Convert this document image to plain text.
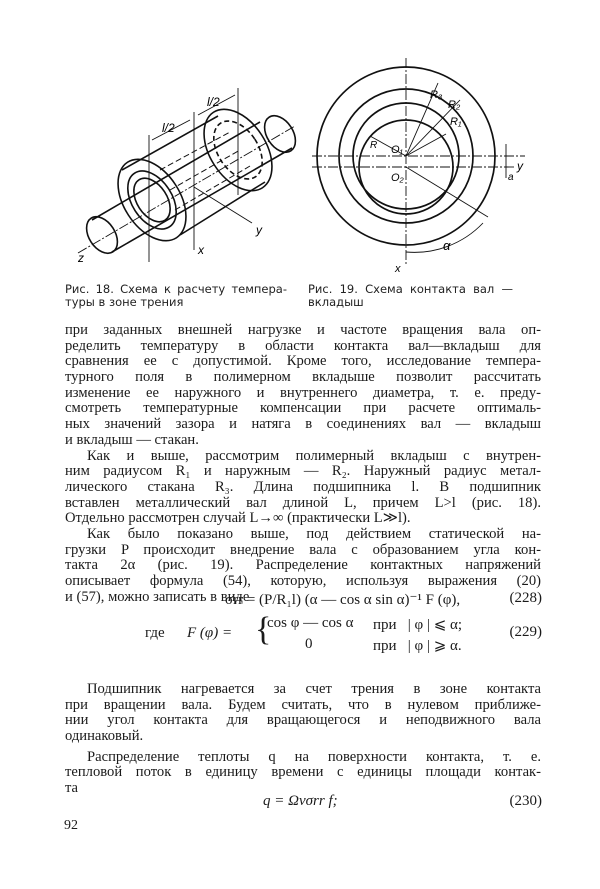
l/2
l/2
x
y
z
R
R₃
R₂
R₁
O₁
O₂
y
x
a
α
Рис. 18. Схема к расчету темпера-
туры в зоне трения
Рис. 19. Схема контакта вал —
вкладыш
при заданных внешней нагрузке и частоте вращения вала оп-
ределить температуру в области контакта вал—вкладыш для
сравнения ее с допустимой. Кроме того, исследование темпера-
турного поля в полимерном вкладыше позволит рассчитать
изменение ее наружного и внутреннего диаметра, т. е. преду-
смотреть температурные компенсации при расчете оптималь-
ных значений зазора и натяга в соединениях вал — вкладыш
и вкладыш — стакан.
Как и выше, рассмотрим полимерный вкладыш с внутрен-
ним радиусом R₁ и наружным — R₂. Наружный радиус метал-
лического стакана R₃. Длина подшипника l. В подшипник
вставлен металлический вал длиной L, причем L>l (рис. 18).
Отдельно рассмотрен случай L→∞ (практически L≫l).
Как было показано выше, под действием статической на-
грузки P происходит внедрение вала с образованием угла кон-
такта 2α (рис. 19). Распределение контактных напряжений
описывает формула (54), которую, используя выражения (20)
и (57), можно записать в виде
σrr = (P/R₁l) (α — cos α sin α)⁻¹ F (φ),	(228)
где F (φ) = {
cos φ — cos α
0
при   | φ | ⩽ α;
при   | φ | ⩾ α.
(229)
Подшипник нагревается за счет трения в зоне контакта
при вращении вала. Будем считать, что в нулевом приближе-
нии угол контакта для вращающегося и неподвижного вала
одинаковый.
Распределение теплоты q на поверхности контакта, т. е.
тепловой поток в единицу времени с единицы площади контак-
та
q = Ωvσrr f;	(230)
92
